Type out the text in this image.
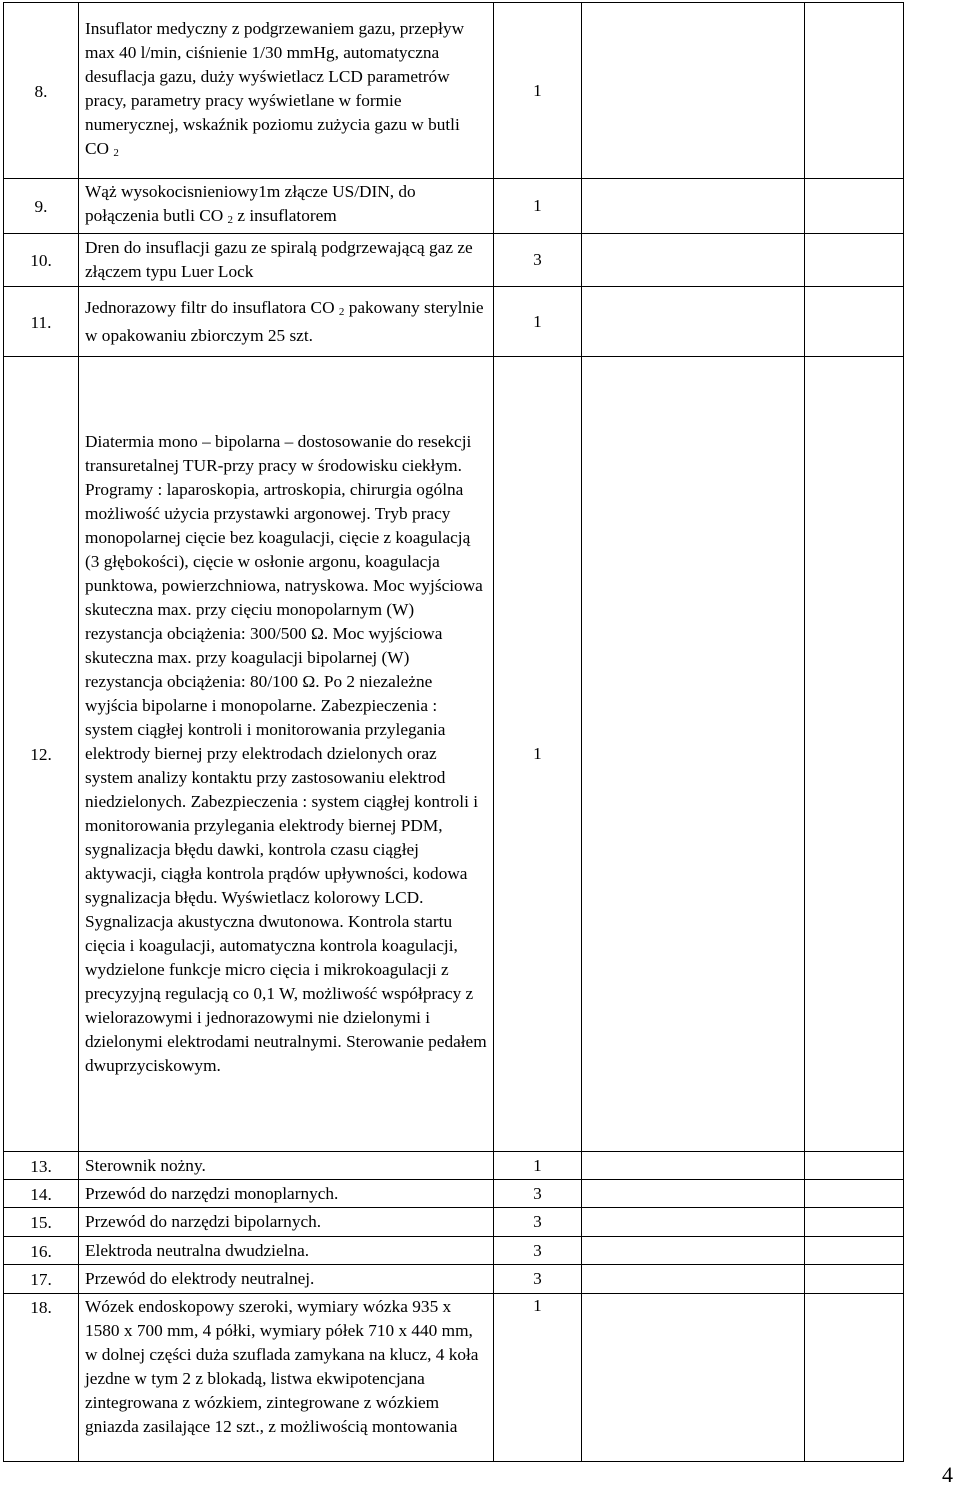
8.	Insuflator medyczny z podgrzewaniem gazu, przepływ max 40 l/min, ciśnienie 1/30 mmHg, automatyczna desuflacja gazu, duży wyświetlacz LCD parametrów pracy, parametry pracy wyświetlane w formie numerycznej, wskaźnik poziomu zużycia gazu w butli CO $_2$	1		
9.	Wąż wysokocisnieniowy1m złącze US/DIN, do połączenia butli CO $_2$ z insuflatorem	1		
10.	Dren do insuflacji gazu ze spiralą podgrzewającą gaz ze złączem typu Luer Lock	3		
11.	Jednorazowy filtr do insuflatora CO $_2$ pakowany sterylnie w opakowaniu zbiorczym 25 szt.	1		
12.	Diatermia mono – bipolarna – dostosowanie do resekcji transuretalnej TUR-przy pracy w środowisku ciekłym. Programy : laparoskopia, artroskopia, chirurgia ogólna możliwość użycia przystawki argonowej. Tryb pracy monopolarnej cięcie bez koagulacji, cięcie z koagulacją (3 głębokości), cięcie w osłonie argonu, koagulacja punktowa, powierzchniowa, natryskowa. Moc wyjściowa skuteczna max. przy cięciu monopolarnym (W) rezystancja obciążenia: 300/500 Ω. Moc wyjściowa skuteczna max. przy koagulacji bipolarnej (W) rezystancja obciążenia: 80/100 Ω. Po 2 niezależne wyjścia bipolarne i monopolarne. Zabezpieczenia : system ciągłej kontroli i monitorowania przylegania elektrody biernej przy elektrodach dzielonych oraz system analizy kontaktu przy zastosowaniu elektrod niedzielonych. Zabezpieczenia : system ciągłej kontroli i monitorowania przylegania elektrody biernej PDM, sygnalizacja błędu dawki, kontrola czasu ciągłej aktywacji, ciągła kontrola prądów upływności, kodowa sygnalizacja błędu. Wyświetlacz kolorowy LCD. Sygnalizacja akustyczna dwutonowa. Kontrola startu cięcia i koagulacji, automatyczna kontrola koagulacji, wydzielone funkcje micro cięcia i mikrokoagulacji z precyzyjną regulacją co 0,1 W, możliwość współpracy z wielorazowymi i jednorazowymi nie dzielonymi i dzielonymi elektrodami neutralnymi. Sterowanie pedałem dwuprzyciskowym.	1		
13.	Sterownik nożny.	1		
14.	Przewód do narzędzi monoplarnych.	3		
15.	Przewód do narzędzi bipolarnych.	3		
16.	Elektroda neutralna dwudzielna.	3		
17.	Przewód do elektrody neutralnej.	3		
18.	Wózek endoskopowy szeroki, wymiary wózka 935 x 1580 x 700 mm, 4 półki, wymiary półek 710 x 440 mm, w dolnej części duża szuflada zamykana na klucz, 4 koła jezdne w tym 2 z blokadą, listwa ekwipotencjana zintegrowana z wózkiem, zintegrowane z wózkiem gniazda zasilające 12 szt., z możliwością montowania	1		
4
